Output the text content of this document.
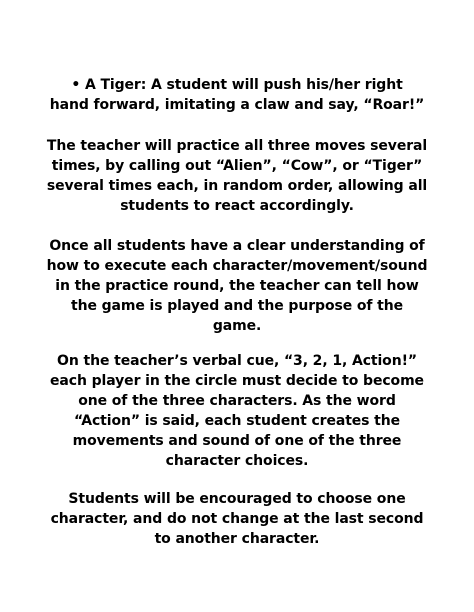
• A Tiger: A student will push his/her right
hand forward, imitating a claw and say, “Roar!”

The teacher will practice all three moves several
times, by calling out “Alien”, “Cow”, or “Tiger”
several times each, in random order, allowing all
students to react accordingly.

Once all students have a clear understanding of
how to execute each character/movement/sound
in the practice round, the teacher can tell how
the game is played and the purpose of the
game.

On the teacher’s verbal cue, “3, 2, 1, Action!”
each player in the circle must decide to become
one of the three characters. As the word
“Action” is said, each student creates the
movements and sound of one of the three
character choices.

Students will be encouraged to choose one
character, and do not change at the last second
to another character.
